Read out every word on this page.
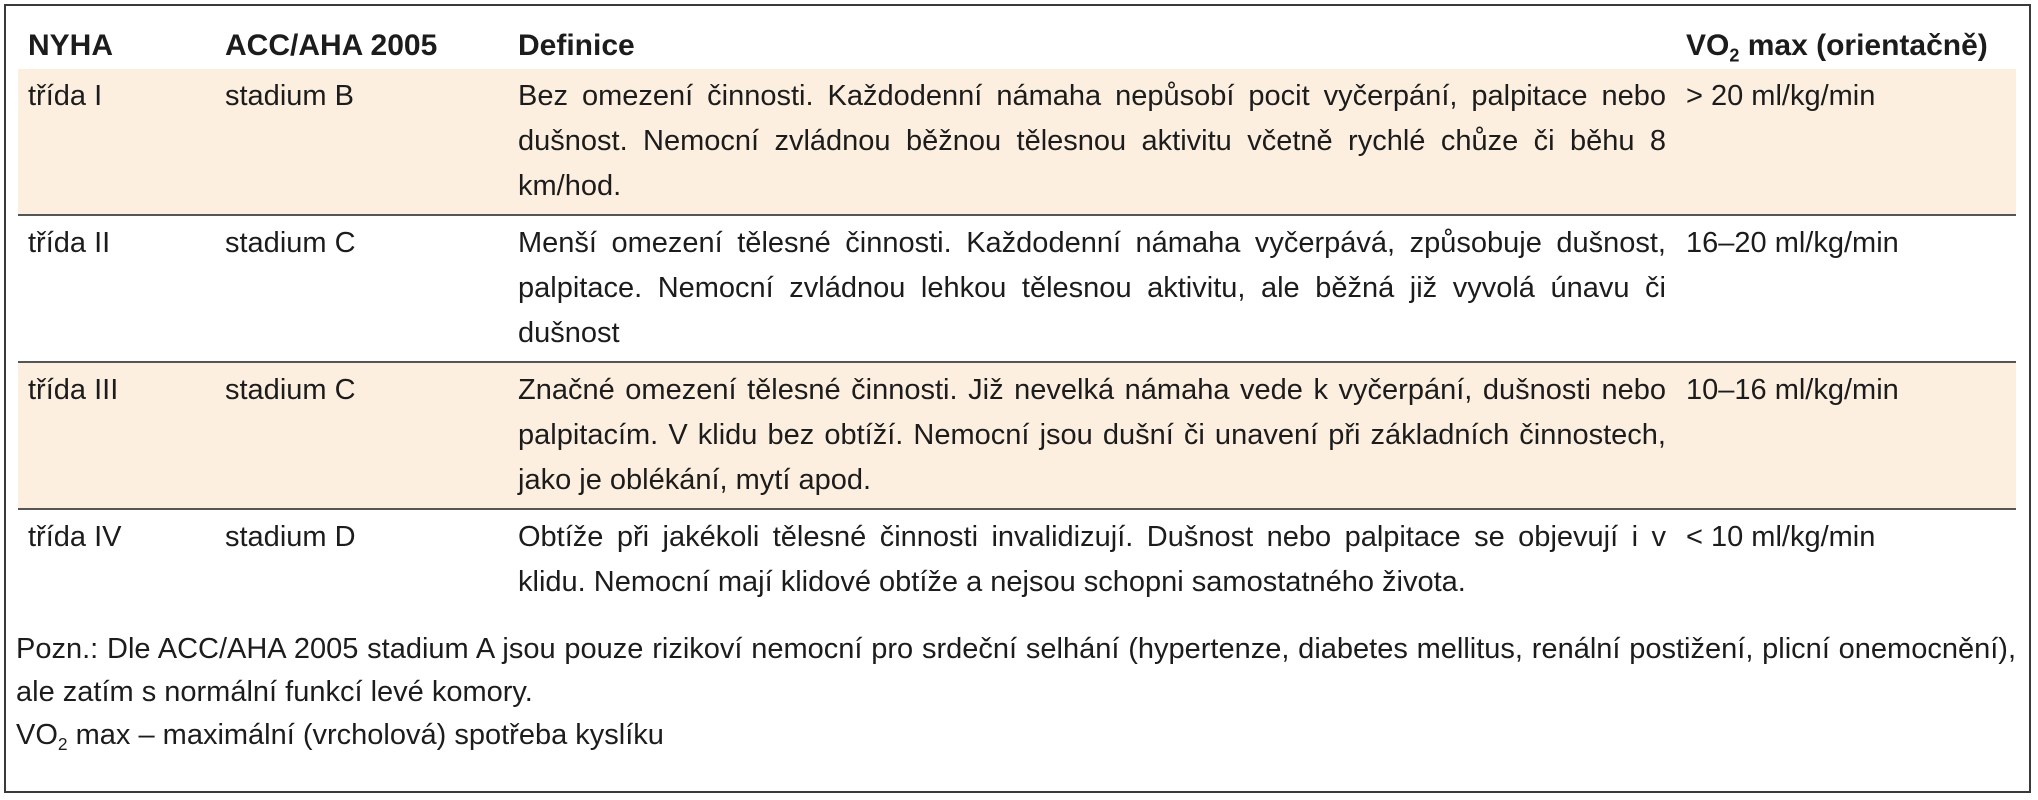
NYHA	ACC/AHA 2005	Definice	$VO_2$ max (orientačně)
třída I	stadium B	Bez omezení činnosti. Každodenní námaha nepůsobí pocit vyčerpání, palpitace nebo dušnost. Nemocní zvládnou běžnou tělesnou aktivitu včetně rychlé chůze či běhu 8 km/hod.	> 20 ml/kg/min
třída II	stadium C	Menší omezení tělesné činnosti. Každodenní námaha vyčerpává, způsobuje dušnost, palpitace. Nemocní zvládnou lehkou tělesnou aktivitu, ale běžná již vyvolá únavu či dušnost	16–20 ml/kg/min
třída III	stadium C	Značné omezení tělesné činnosti. Již nevelká námaha vede k vyčerpání, dušnosti nebo palpitacím. V klidu bez obtíží. Nemocní jsou dušní či unavení při základních činnostech, jako je oblékání, mytí apod.	10–16 ml/kg/min
třída IV	stadium D	Obtíže při jakékoli tělesné činnosti invalidizují. Dušnost nebo palpitace se objevují i v klidu. Nemocní mají klidové obtíže a nejsou schopni samostatného života.	< 10 ml/kg/min

Pozn.: Dle ACC/AHA 2005 stadium A jsou pouze rizikoví nemocní pro srdeční selhání (hypertenze, diabetes mellitus, renální postižení, plicní onemocnění), ale zatím s normální funkcí levé komory.

$VO_2$ max – maximální (vrcholová) spotřeba kyslíku
